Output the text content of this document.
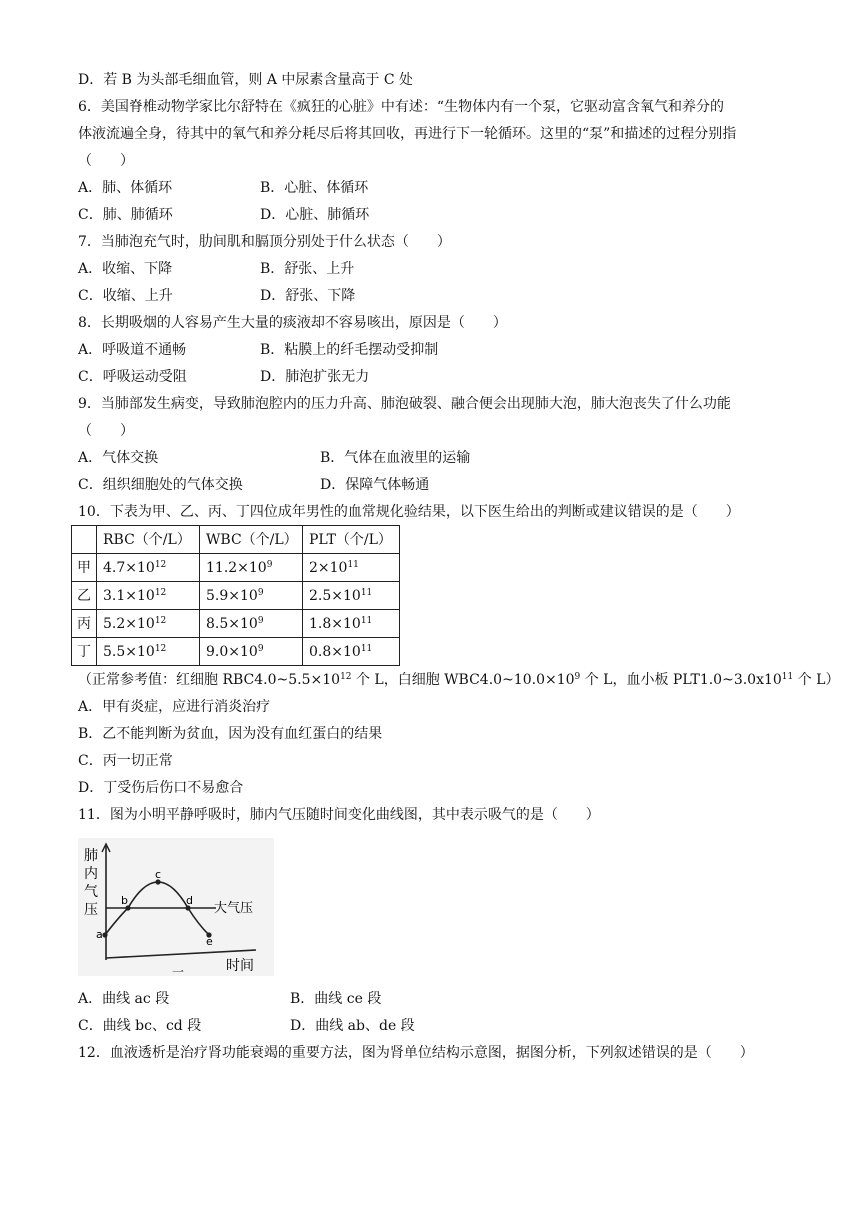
D．若 B 为头部毛细血管，则 A 中尿素含量高于 C 处
6．美国脊椎动物学家比尔舒特在《疯狂的心脏》中有述：“生物体内有一个泵，它驱动富含氧气和养分的
体液流遍全身，待其中的氧气和养分耗尽后将其回收，再进行下一轮循环。这里的“泵”和描述的过程分别指
（　　）
A．肺、体循环	B．心脏、体循环
C．肺、肺循环	D．心脏、肺循环
7．当肺泡充气时，肋间肌和膈顶分别处于什么状态（　　）
A．收缩、下降	B．舒张、上升
C．收缩、上升	D．舒张、下降
8．长期吸烟的人容易产生大量的痰液却不容易咳出，原因是（　　）
A．呼吸道不通畅	B．粘膜上的纤毛摆动受抑制
C．呼吸运动受阻	D．肺泡扩张无力
9．当肺部发生病变，导致肺泡腔内的压力升高、肺泡破裂、融合便会出现肺大泡，肺大泡丧失了什么功能
（　　）
A．气体交换	B．气体在血液里的运输
C．组织细胞处的气体交换	D．保障气体畅通
10．下表为甲、乙、丙、丁四位成年男性的血常规化验结果，以下医生给出的判断或建议错误的是（　　）
	RBC（个/L）	WBC（个/L）	PLT（个/L）
甲	$4.7\times 10^{12}$	$11.2\times 10^9$	$2\times 10^{11}$
乙	$3.1\times 10^{12}$	$5.9\times 10^9$	$2.5\times 10^{11}$
丙	$5.2\times 10^{12}$	$8.5\times 10^9$	$1.8\times 10^{11}$
丁	$5.5\times 10^{12}$	$9.0\times 10^9$	$0.8\times 10^{11}$
（正常参考值：红细胞 $RBC4.0\sim 5.5\times 10^{12}$ 个 L，白细胞 $WBC4.0\sim 10.0\times 10^9$ 个 L，血小板 $PLT1.0\sim 3.0x10^{11}$ 个 L）
A．甲有炎症，应进行消炎治疗
B．乙不能判断为贫血，因为没有血红蛋白的结果
C．丙一切正常
D．丁受伤后伤口不易愈合
11．图为小明平静呼吸时，肺内气压随时间变化曲线图，其中表示吸气的是（　　）
肺
内
气
压	大气压
a
b
c
d
e
一	时间
A．曲线 ac 段	B．曲线 ce 段
C．曲线 bc、cd 段	D．曲线 ab、de 段
12．血液透析是治疗肾功能衰竭的重要方法，图为肾单位结构示意图，据图分析，下列叙述错误的是（　　）
